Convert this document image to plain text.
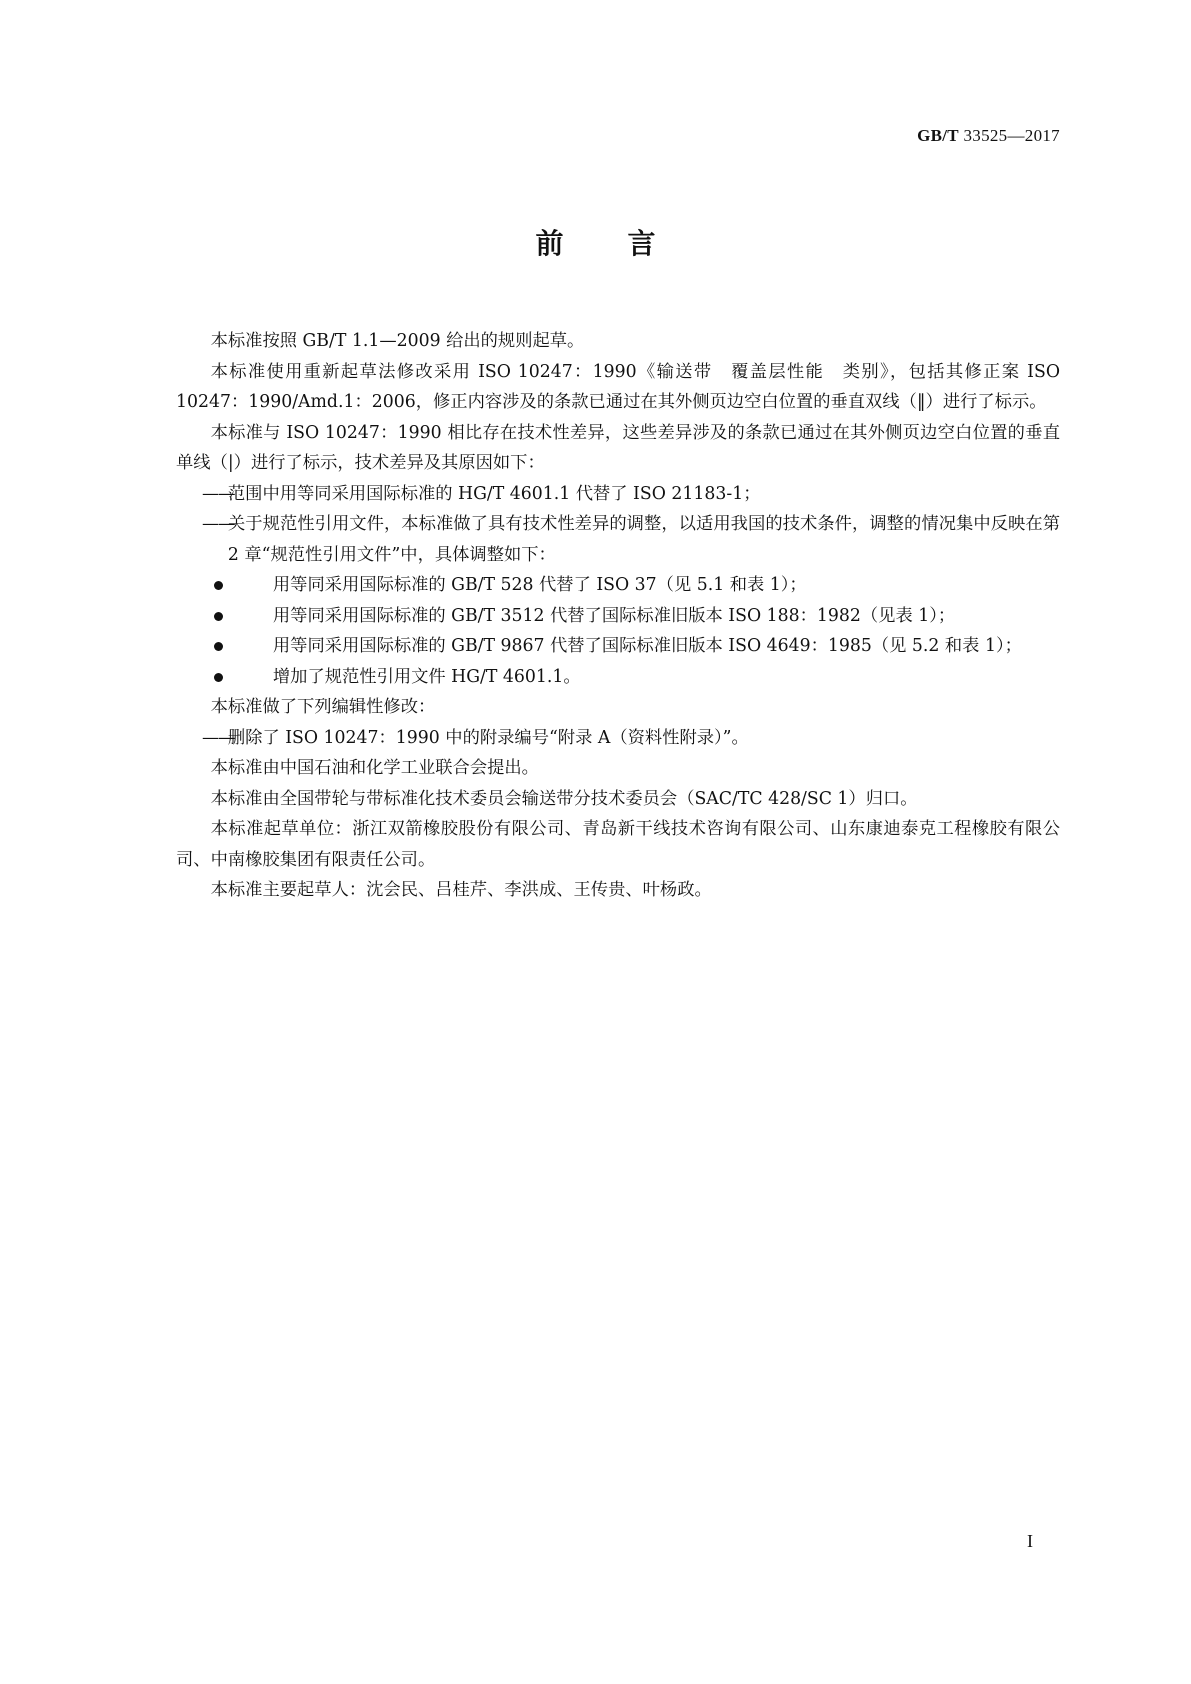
GB/T 33525—2017
前 言

本标准按照 GB/T 1.1—2009 给出的规则起草。

本标准使用重新起草法修改采用 ISO 10247：1990《输送带　覆盖层性能　类别》，包括其修正案 ISO 10247：1990/Amd.1：2006，修正内容涉及的条款已通过在其外侧页边空白位置的垂直双线（‖）进行了标示。

本标准与 ISO 10247：1990 相比存在技术性差异，这些差异涉及的条款已通过在其外侧页边空白位置的垂直单线（|）进行了标示，技术差异及其原因如下：

——范围中用等同采用国际标准的 HG/T 4601.1 代替了 ISO 21183-1；

——关于规范性引用文件，本标准做了具有技术性差异的调整，以适用我国的技术条件，调整的情况集中反映在第 2 章“规范性引用文件”中，具体调整如下：

用等同采用国际标准的 GB/T 528 代替了 ISO 37（见 5.1 和表 1）；

用等同采用国际标准的 GB/T 3512 代替了国际标准旧版本 ISO 188：1982（见表 1）；

用等同采用国际标准的 GB/T 9867 代替了国际标准旧版本 ISO 4649：1985（见 5.2 和表 1）；

增加了规范性引用文件 HG/T 4601.1。

本标准做了下列编辑性修改：

——删除了 ISO 10247：1990 中的附录编号“附录 A（资料性附录）”。

本标准由中国石油和化学工业联合会提出。

本标准由全国带轮与带标准化技术委员会输送带分技术委员会（SAC/TC 428/SC 1）归口。

本标准起草单位：浙江双箭橡胶股份有限公司、青岛新干线技术咨询有限公司、山东康迪泰克工程橡胶有限公司、中南橡胶集团有限责任公司。

本标准主要起草人：沈会民、吕桂芹、李洪成、王传贵、叶杨政。

I
